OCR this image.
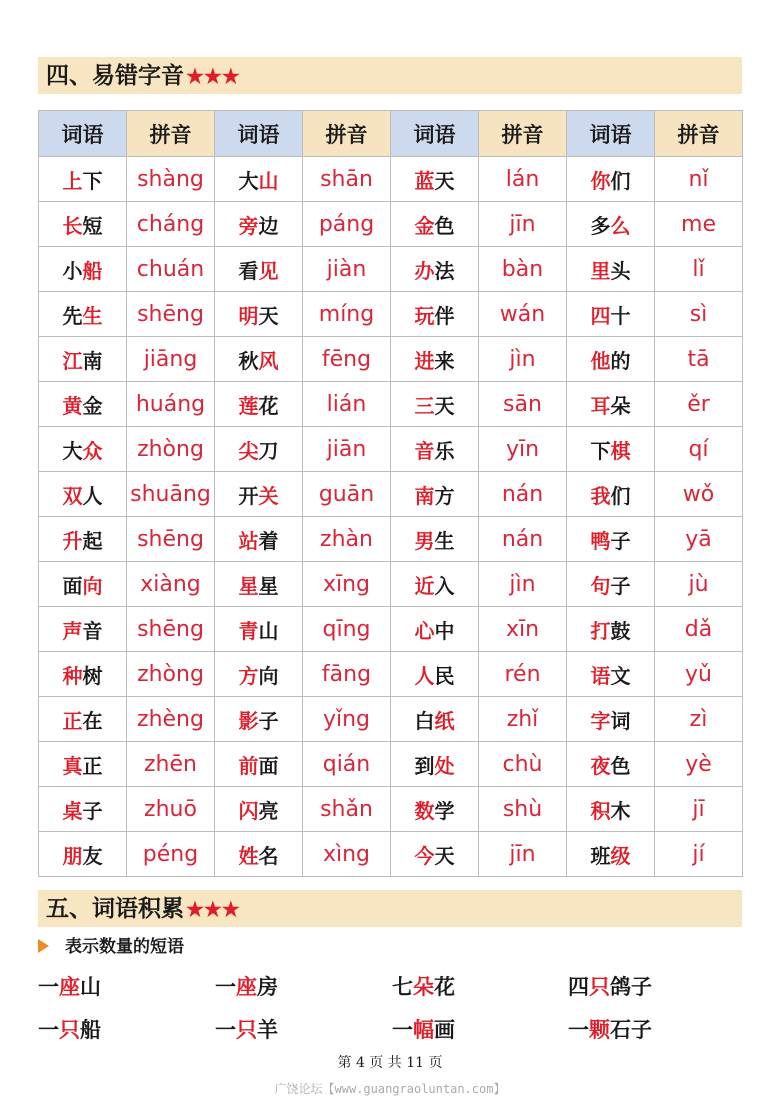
四、易错字音 ★★★
词语	拼音	词语	拼音	词语	拼音	词语	拼音
上下	shàng	大山	shān	蓝天	lán	你们	nǐ
长短	cháng	旁边	páng	金色	jīn	多么	me
小船	chuán	看见	jiàn	办法	bàn	里头	lǐ
先生	shēng	明天	míng	玩伴	wán	四十	sì
江南	jiāng	秋风	fēng	进来	jìn	他的	tā
黄金	huáng	莲花	lián	三天	sān	耳朵	ěr
大众	zhòng	尖刀	jiān	音乐	yīn	下棋	qí
双人	shuāng	开关	guān	南方	nán	我们	wǒ
升起	shēng	站着	zhàn	男生	nán	鸭子	yā
面向	xiàng	星星	xīng	近入	jìn	句子	jù
声音	shēng	青山	qīng	心中	xīn	打鼓	dǎ
种树	zhòng	方向	fāng	人民	rén	语文	yǔ
正在	zhèng	影子	yǐng	白纸	zhǐ	字词	zì
真正	zhēn	前面	qián	到处	chù	夜色	yè
桌子	zhuō	闪亮	shǎn	数学	shù	积木	jī
朋友	péng	姓名	xìng	今天	jīn	班级	jí
五、词语积累 ★★★
表示数量的短语
一座山	一座房	七朵花	四只鸽子
一只船	一只羊	一幅画	一颗石子
第 4 页 共 11 页
广饶论坛【www.guangraoluntan.com】
